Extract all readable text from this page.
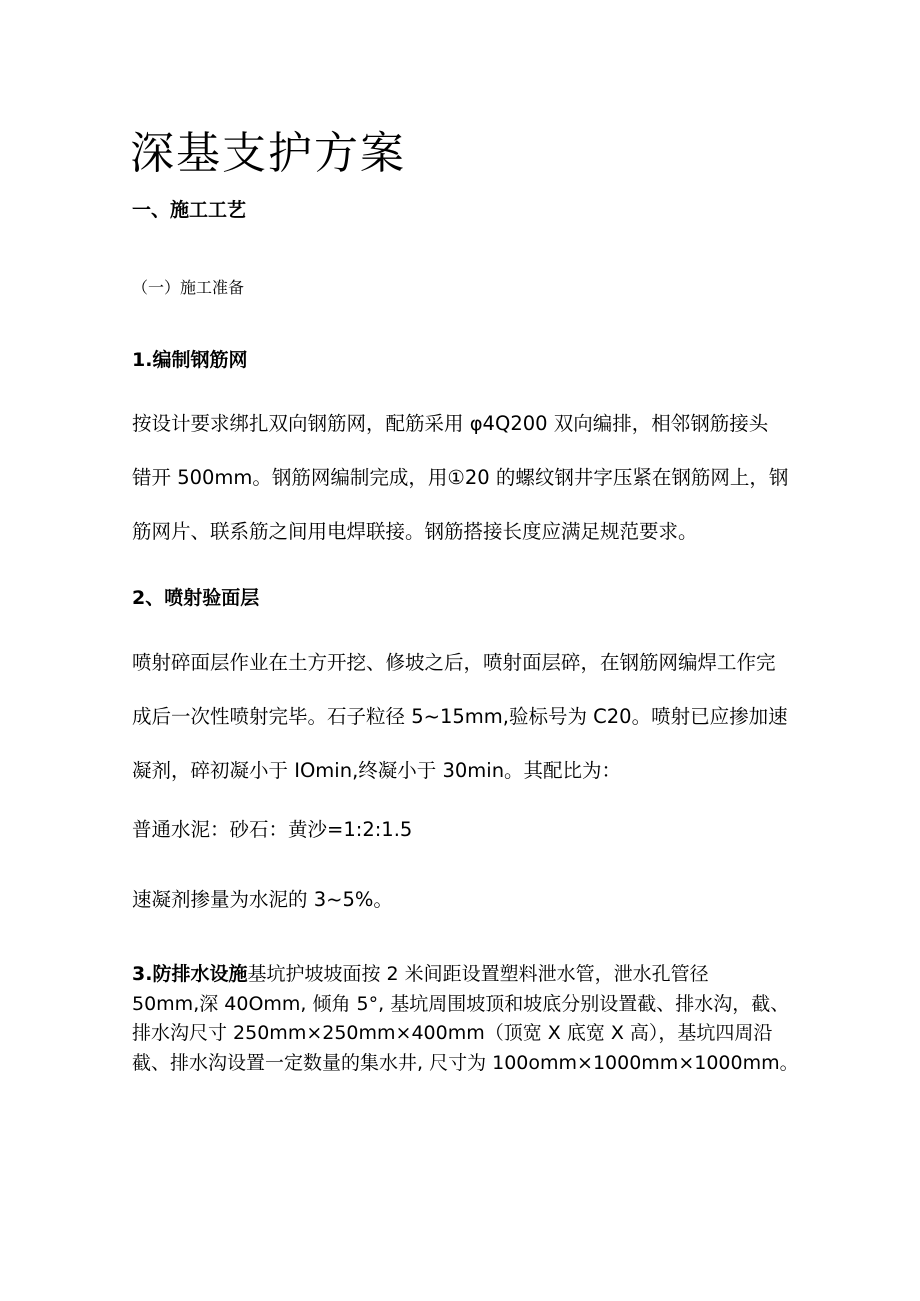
深基支护方案
一、施工工艺
（一）施工准备
1.编制钢筋网
按设计要求绑扎双向钢筋网，配筋采用 φ4Q200 双向编排，相邻钢筋接头
错开 500mm。钢筋网编制完成，用①20 的螺纹钢井字压紧在钢筋网上，钢
筋网片、联系筋之间用电焊联接。钢筋搭接长度应满足规范要求。
2、喷射验面层
喷射碎面层作业在土方开挖、修坡之后，喷射面层碎，在钢筋网编焊工作完
成后一次性喷射完毕。石子粒径 5~15mm,验标号为 C20。喷射已应掺加速
凝剂，碎初凝小于 IOmin,终凝小于 30min。其配比为：
普通水泥：砂石：黄沙=1:2:1.5
速凝剂掺量为水泥的 3~5%。
3.防排水设施基坑护坡坡面按 2 米间距设置塑料泄水管，泄水孔管径
50mm,深 40Omm, 倾角 5°, 基坑周围坡顶和坡底分别设置截、排水沟，截、
排水沟尺寸 250mm×250mm×400mm（顶宽 X 底宽 X 高），基坑四周沿
截、排水沟设置一定数量的集水井, 尺寸为 100omm×1000mm×1000mm。
